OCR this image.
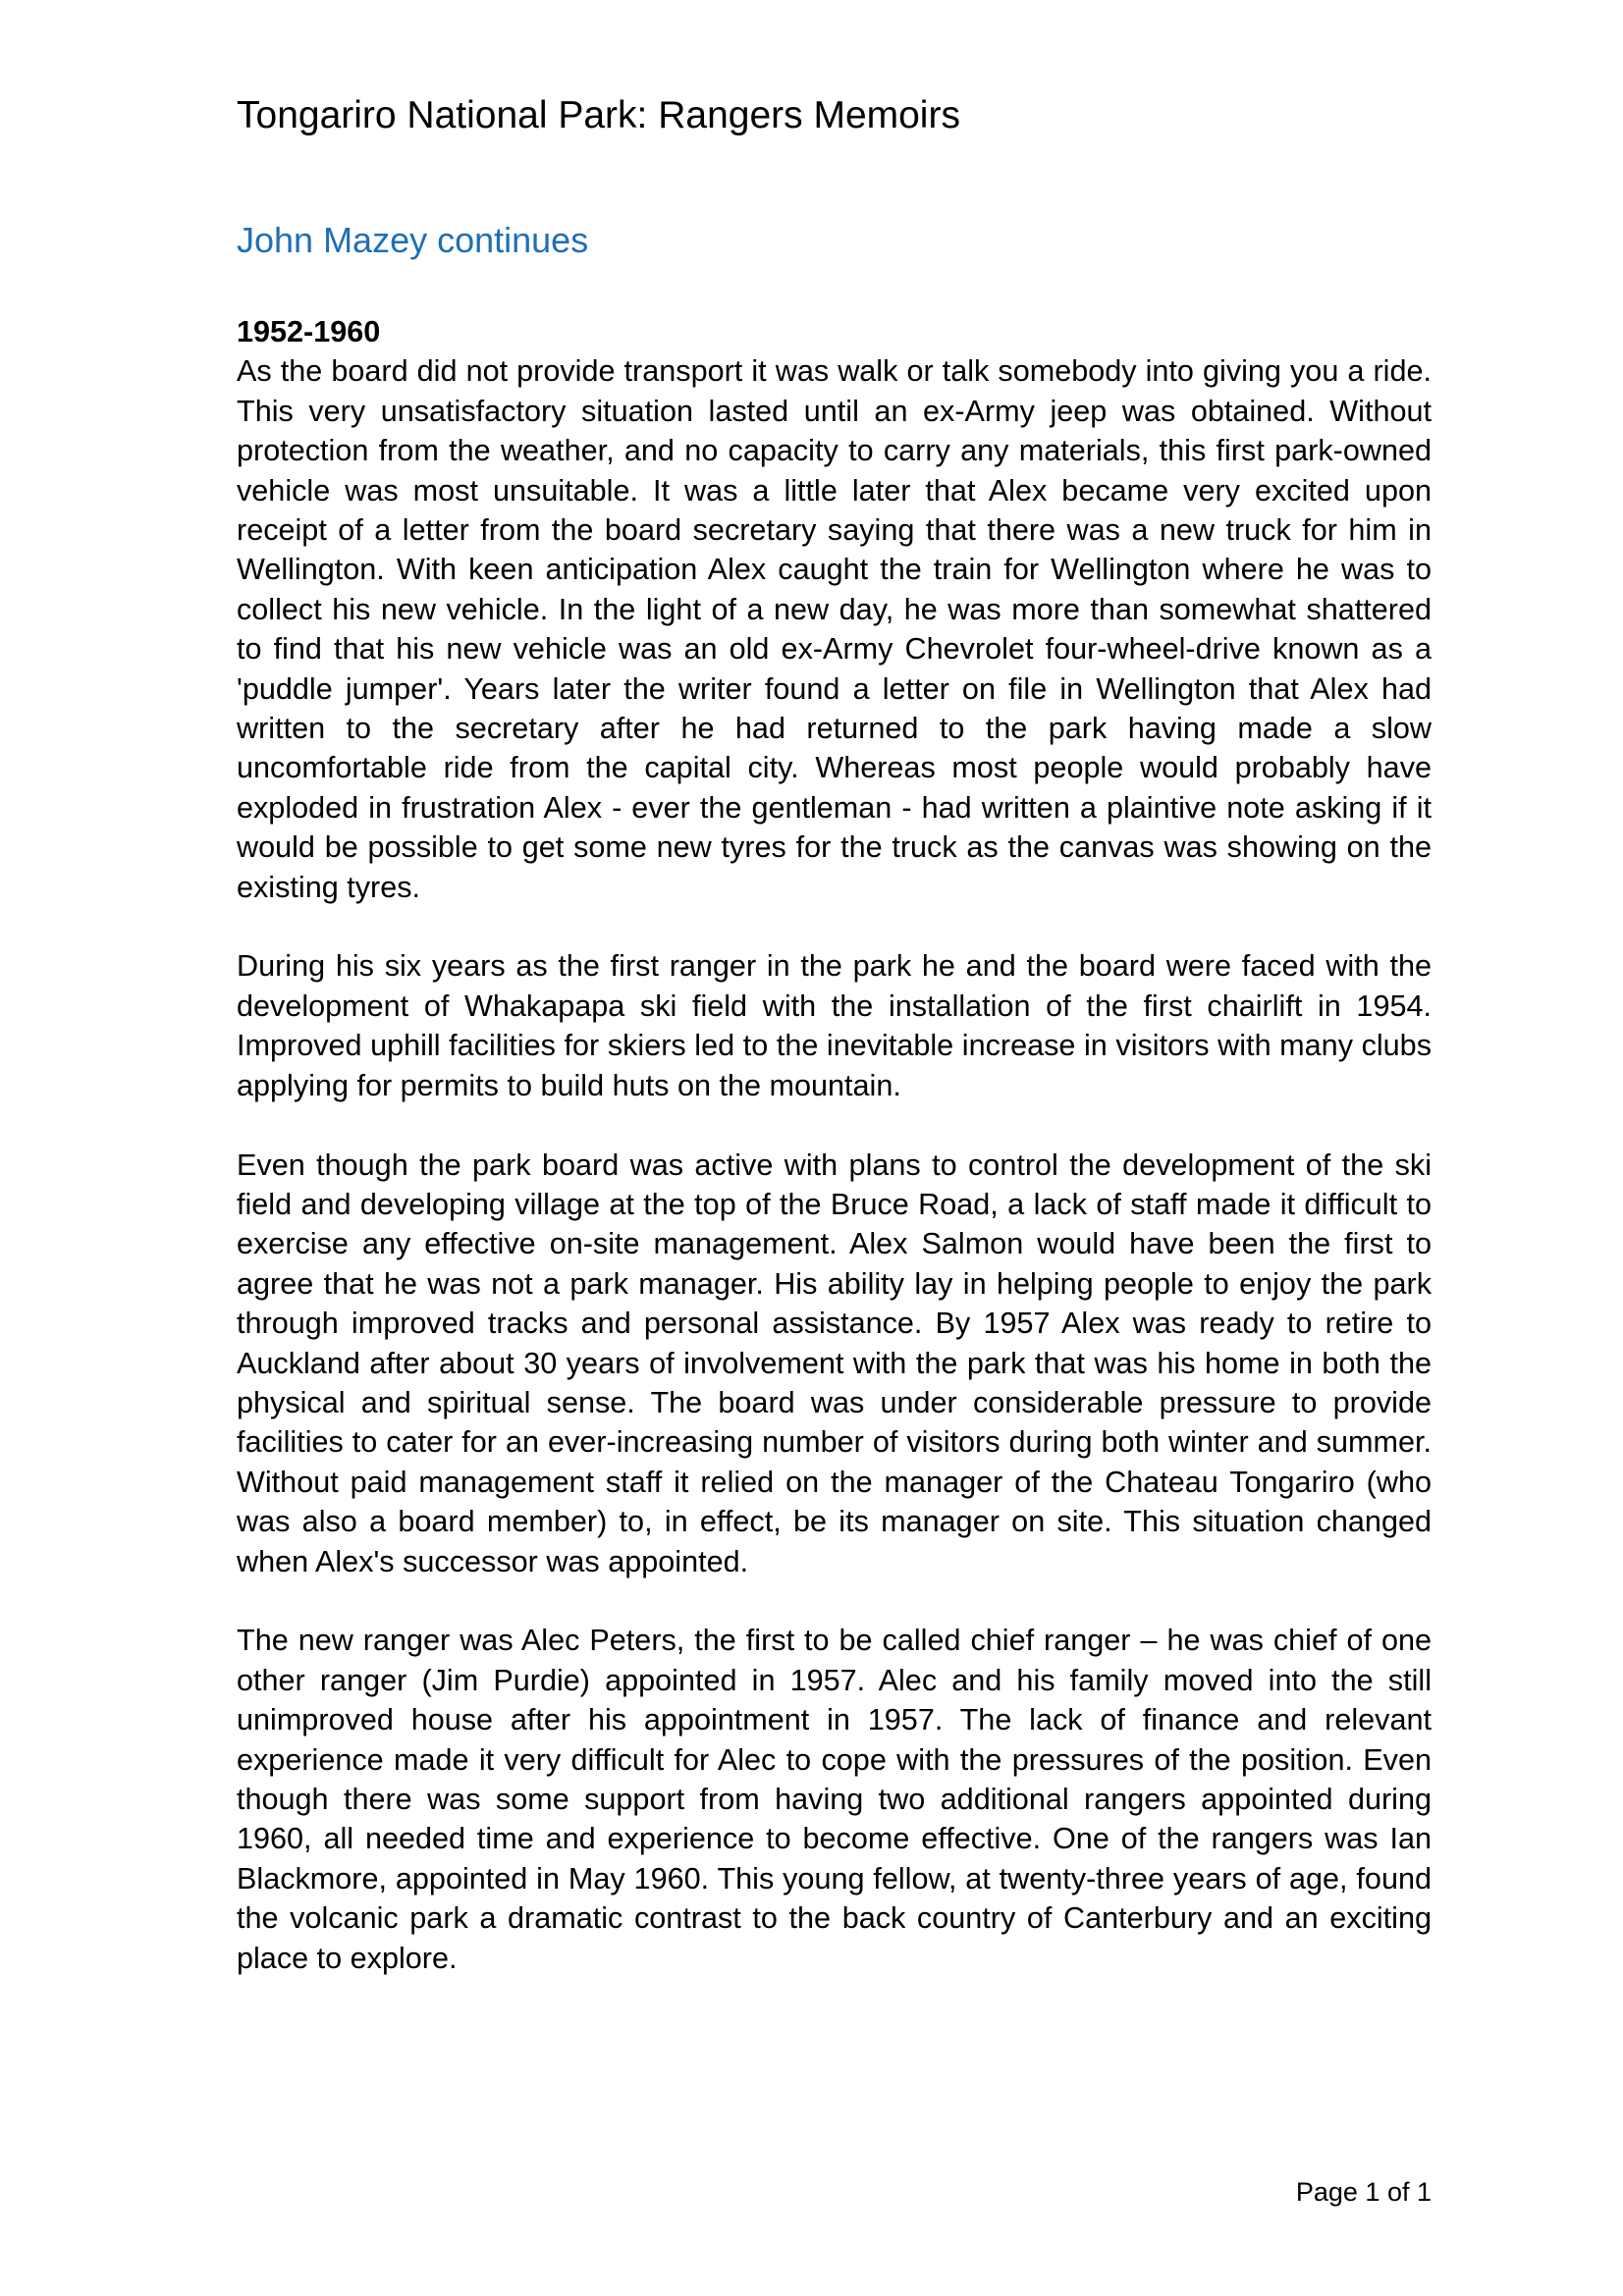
Tongariro National Park: Rangers Memoirs
John Mazey continues

1952-1960

As the board did not provide transport it was walk or talk somebody into giving you a ride. This very unsatisfactory situation lasted until an ex-Army jeep was obtained. Without protection from the weather, and no capacity to carry any materials, this first park-owned vehicle was most unsuitable. It was a little later that Alex became very excited upon receipt of a letter from the board secretary saying that there was a new truck for him in Wellington. With keen anticipation Alex caught the train for Wellington where he was to collect his new vehicle. In the light of a new day, he was more than somewhat shattered to find that his new vehicle was an old ex-Army Chevrolet four-wheel-drive known as a 'puddle jumper'. Years later the writer found a letter on file in Wellington that Alex had written to the secretary after he had returned to the park having made a slow uncomfortable ride from the capital city. Whereas most people would probably have exploded in frustration Alex - ever the gentleman - had written a plaintive note asking if it would be possible to get some new tyres for the truck as the canvas was showing on the existing tyres.

During his six years as the first ranger in the park he and the board were faced with the development of Whakapapa ski field with the installation of the first chairlift in 1954. Improved uphill facilities for skiers led to the inevitable increase in visitors with many clubs applying for permits to build huts on the mountain.

Even though the park board was active with plans to control the development of the ski field and developing village at the top of the Bruce Road, a lack of staff made it difficult to exercise any effective on-site management. Alex Salmon would have been the first to agree that he was not a park manager. His ability lay in helping people to enjoy the park through improved tracks and personal assistance. By 1957 Alex was ready to retire to Auckland after about 30 years of involvement with the park that was his home in both the physical and spiritual sense. The board was under considerable pressure to provide facilities to cater for an ever-increasing number of visitors during both winter and summer. Without paid management staff it relied on the manager of the Chateau Tongariro (who was also a board member) to, in effect, be its manager on site. This situation changed when Alex's successor was appointed.

The new ranger was Alec Peters, the first to be called chief ranger – he was chief of one other ranger (Jim Purdie) appointed in 1957. Alec and his family moved into the still unimproved house after his appointment in 1957. The lack of finance and relevant experience made it very difficult for Alec to cope with the pressures of the position. Even though there was some support from having two additional rangers appointed during 1960, all needed time and experience to become effective. One of the rangers was Ian Blackmore, appointed in May 1960. This young fellow, at twenty-three years of age, found the volcanic park a dramatic contrast to the back country of Canterbury and an exciting place to explore.

Page 1 of 1
